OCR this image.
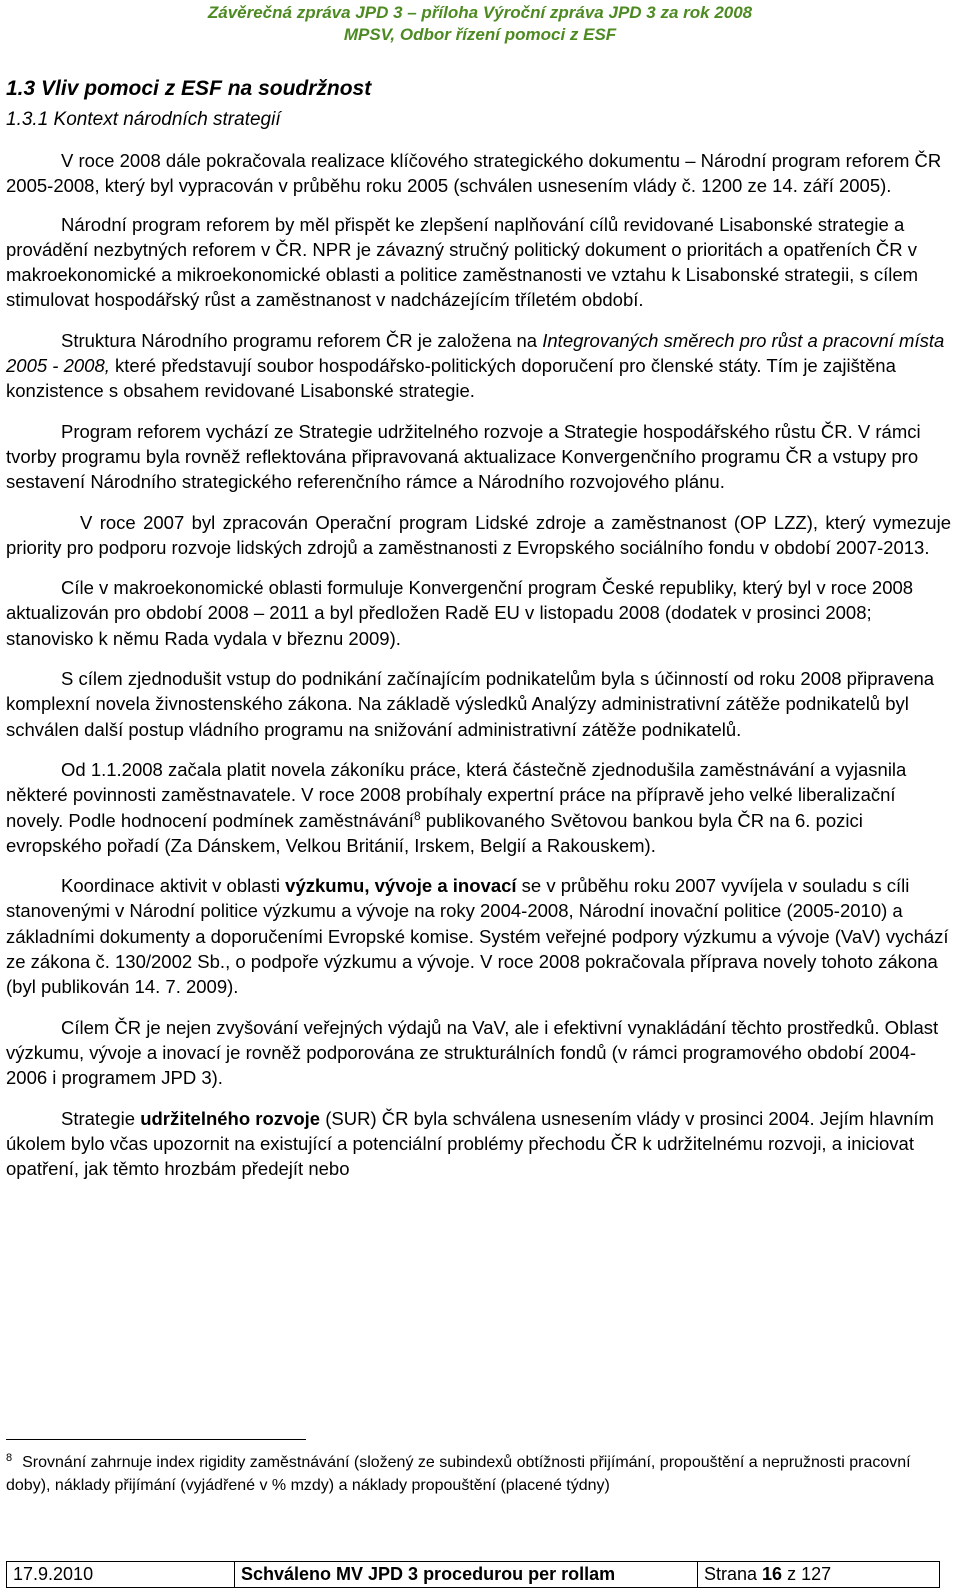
Závěrečná zpráva JPD 3 – příloha Výroční zpráva JPD 3 za rok 2008
MPSV, Odbor řízení pomoci z ESF
1.3 Vliv pomoci z ESF na soudržnost
1.3.1 Kontext národních strategií

V roce 2008 dále pokračovala realizace klíčového strategického dokumentu – Národní program reforem ČR 2005-2008, který byl vypracován v průběhu roku 2005 (schválen usnesením vlády č. 1200 ze 14. září 2005).

Národní program reforem by měl přispět ke zlepšení naplňování cílů revidované Lisabonské strategie a provádění nezbytných reforem v ČR. NPR je závazný stručný politický dokument o prioritách a opatřeních ČR v makroekonomické a mikroekonomické oblasti a politice zaměstnanosti ve vztahu k Lisabonské strategii, s cílem stimulovat hospodářský růst a zaměstnanost v nadcházejícím tříletém období.

Struktura Národního programu reforem ČR je založena na Integrovaných směrech pro růst a pracovní místa 2005 - 2008, které představují soubor hospodářsko-politických doporučení pro členské státy. Tím je zajištěna konzistence s obsahem revidované Lisabonské strategie.

Program reforem vychází ze Strategie udržitelného rozvoje a Strategie hospodářského růstu ČR. V rámci tvorby programu byla rovněž reflektována připravovaná aktualizace Konvergenčního programu ČR a vstupy pro sestavení Národního strategického referenčního rámce a Národního rozvojového plánu.

V roce 2007 byl zpracován Operační program Lidské zdroje a zaměstnanost (OP LZZ), který vymezuje priority pro podporu rozvoje lidských zdrojů a zaměstnanosti z Evropského sociálního fondu v období 2007-2013.

Cíle v makroekonomické oblasti formuluje Konvergenční program České republiky, který byl v roce 2008 aktualizován pro období 2008 – 2011 a byl předložen Radě EU v listopadu 2008 (dodatek v prosinci 2008; stanovisko k němu Rada vydala v březnu 2009).

S cílem zjednodušit vstup do podnikání začínajícím podnikatelům byla s účinností od roku 2008 připravena komplexní novela živnostenského zákona. Na základě výsledků Analýzy administrativní zátěže podnikatelů byl schválen další postup vládního programu na snižování administrativní zátěže podnikatelů.

Od 1.1.2008 začala platit novela zákoníku práce, která částečně zjednodušila zaměstnávání a vyjasnila některé povinnosti zaměstnavatele. V roce 2008 probíhaly expertní práce na přípravě jeho velké liberalizační novely. Podle hodnocení podmínek zaměstnávání$^8$ publikovaného Světovou bankou byla ČR na 6. pozici evropského pořadí (Za Dánskem, Velkou Británií, Irskem, Belgií a Rakouskem).

Koordinace aktivit v oblasti výzkumu, vývoje a inovací se v průběhu roku 2007 vyvíjela v souladu s cíli stanovenými v Národní politice výzkumu a vývoje na roky 2004-2008, Národní inovační politice (2005-2010) a základními dokumenty a doporučeními Evropské komise. Systém veřejné podpory výzkumu a vývoje (VaV) vychází ze zákona č. 130/2002 Sb., o podpoře výzkumu a vývoje. V roce 2008 pokračovala příprava novely tohoto zákona (byl publikován 14. 7. 2009).

Cílem ČR je nejen zvyšování veřejných výdajů na VaV, ale i efektivní vynakládání těchto prostředků. Oblast výzkumu, vývoje a inovací je rovněž podporována ze strukturálních fondů (v rámci programového období 2004-2006 i programem JPD 3).

Strategie udržitelného rozvoje (SUR) ČR byla schválena usnesením vlády v prosinci 2004. Jejím hlavním úkolem bylo včas upozornit na existující a potenciální problémy přechodu ČR k udržitelnému rozvoji, a iniciovat opatření, jak těmto hrozbám předejít nebo

$^8$ Srovnání zahrnuje index rigidity zaměstnávání (složený ze subindexů obtížnosti přijímání, propouštění a nepružnosti pracovní doby), náklady přijímání (vyjádřené v % mzdy) a náklady propouštění (placené týdny)
17.9.2010	Schváleno MV JPD 3 procedurou per rollam	Strana 16 z 127
